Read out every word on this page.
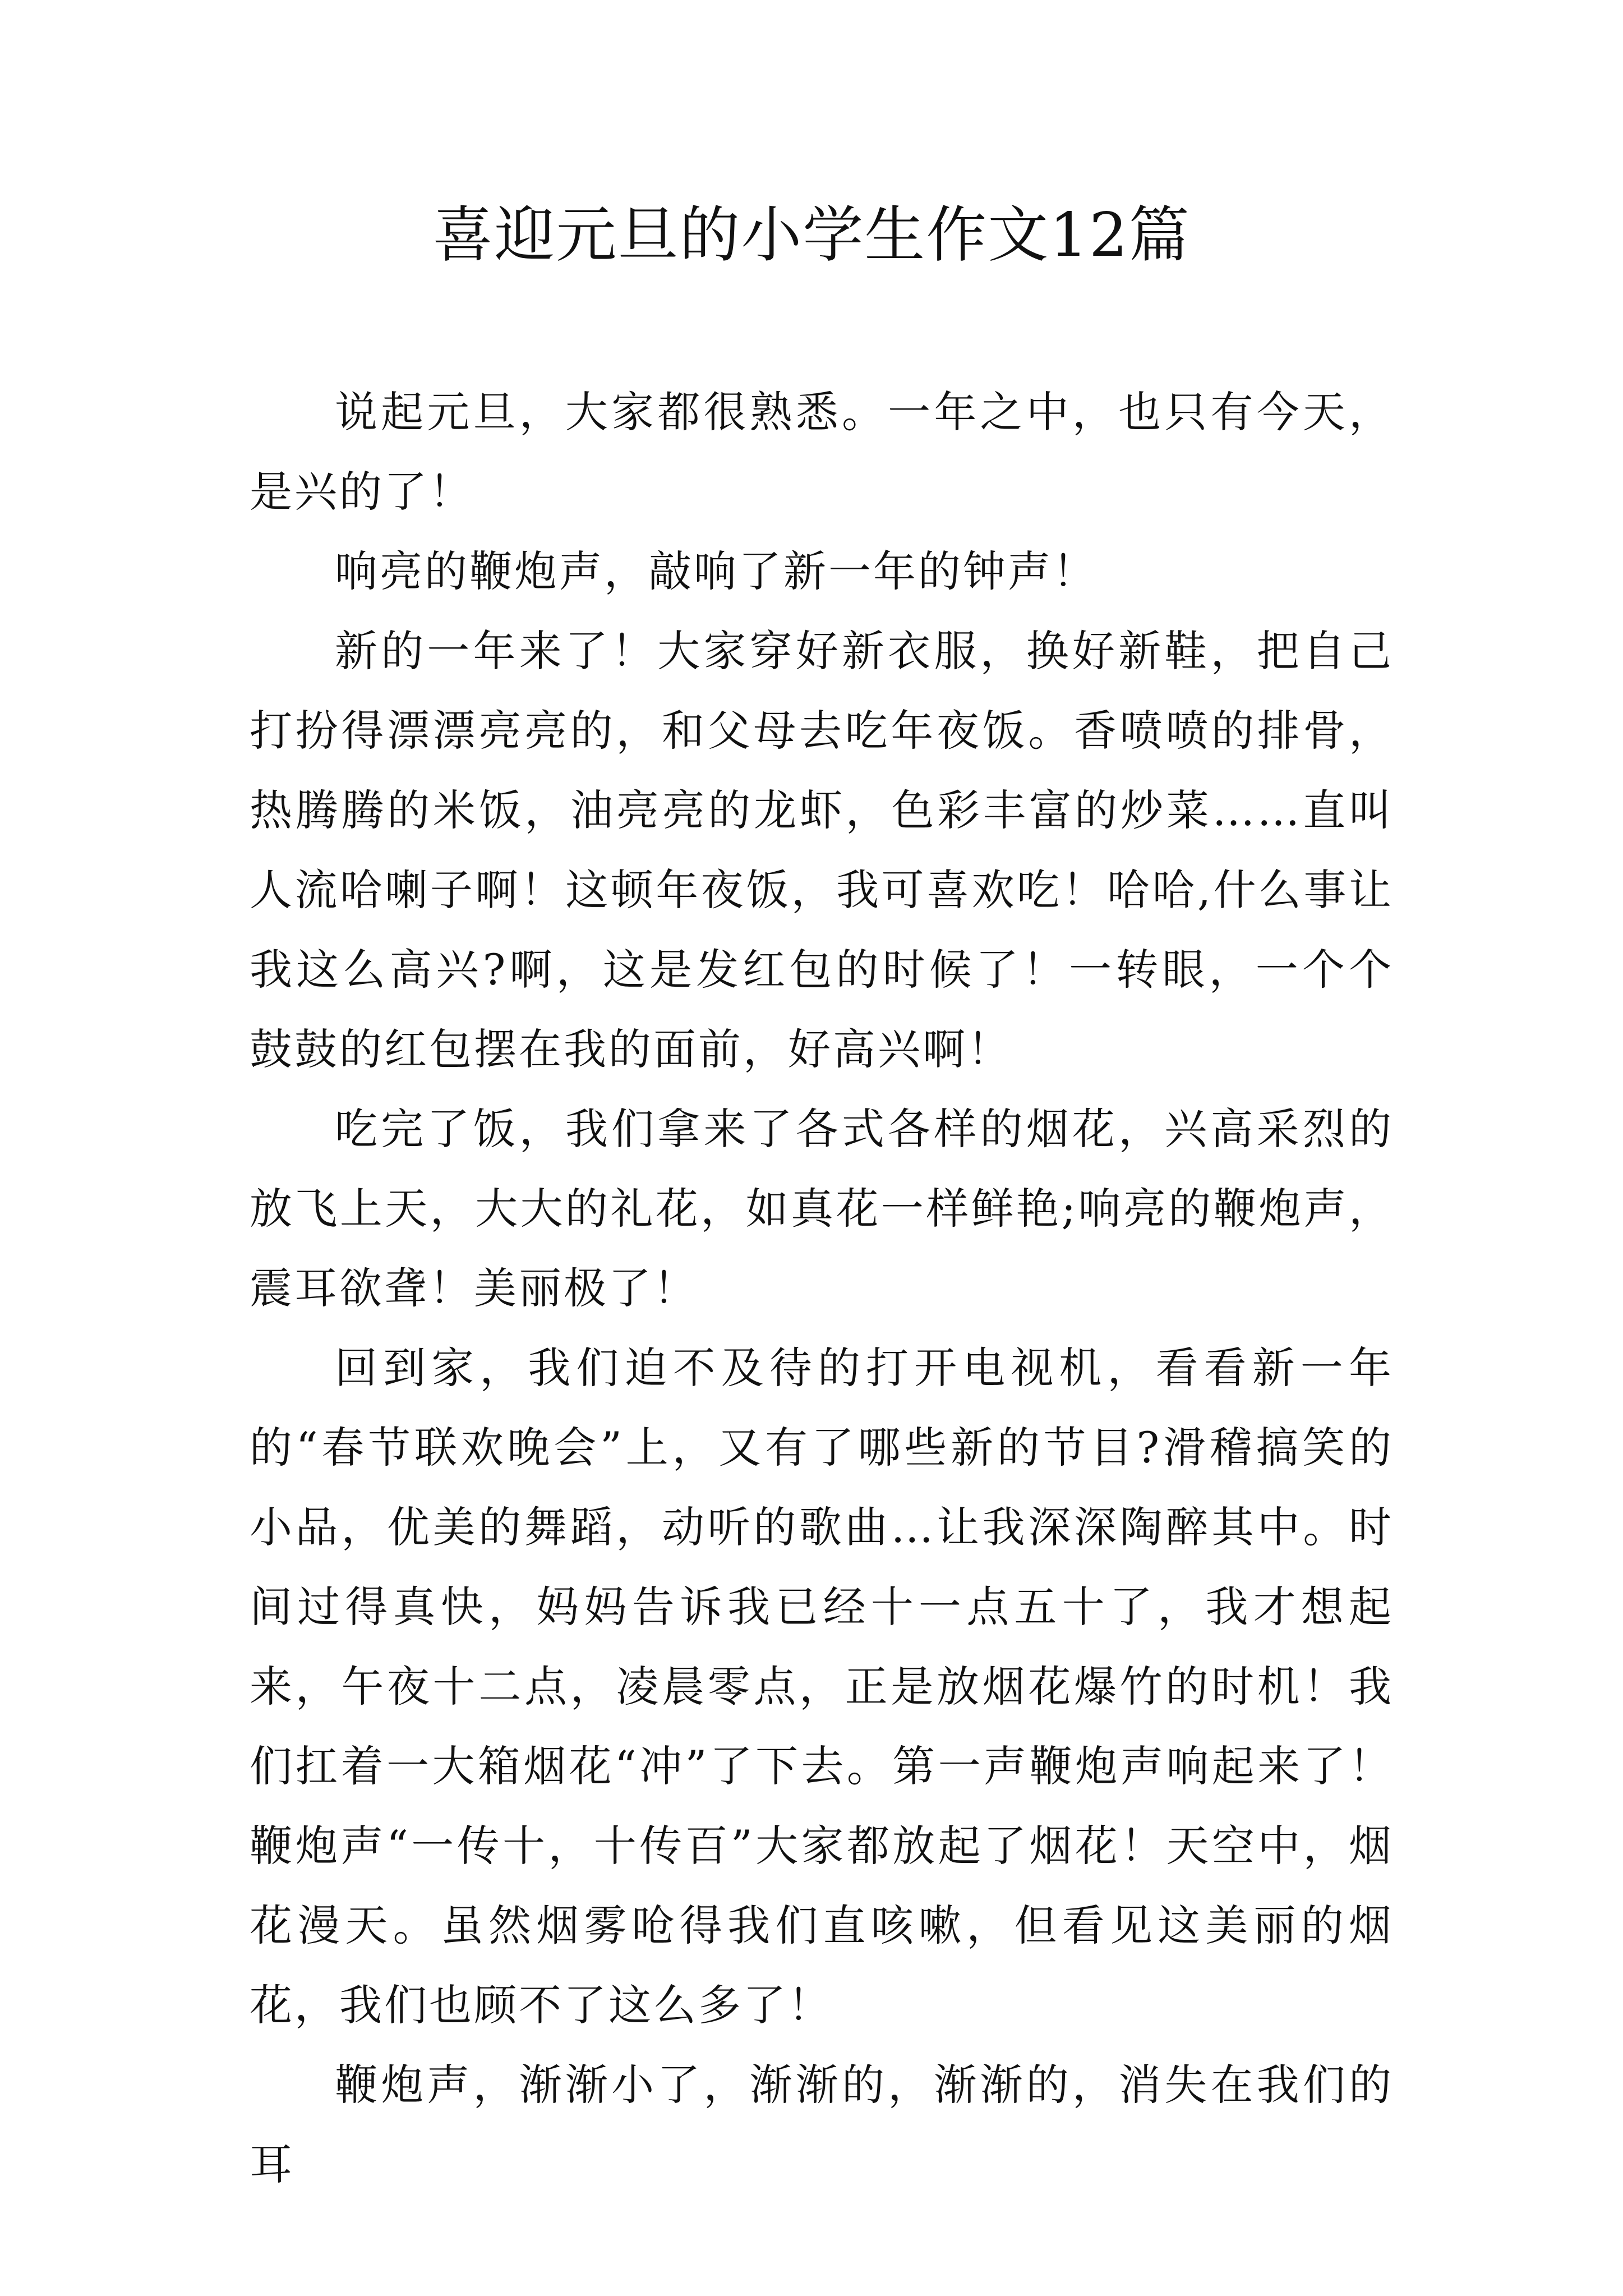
喜迎元旦的小学生作文12篇

说起元旦，大家都很熟悉。一年之中，也只有今天，是兴的了！

响亮的鞭炮声，敲响了新一年的钟声！

新的一年来了！大家穿好新衣服，换好新鞋，把自己打扮得漂漂亮亮的，和父母去吃年夜饭。香喷喷的排骨，热腾腾的米饭，油亮亮的龙虾，色彩丰富的炒菜……直叫人流哈喇子啊！这顿年夜饭，我可喜欢吃！哈哈,什么事让我这么高兴?啊，这是发红包的时候了！一转眼，一个个鼓鼓的红包摆在我的面前，好高兴啊！

吃完了饭，我们拿来了各式各样的烟花，兴高采烈的放飞上天，大大的礼花，如真花一样鲜艳;响亮的鞭炮声，震耳欲聋！美丽极了！

回到家，我们迫不及待的打开电视机，看看新一年的“春节联欢晚会”上，又有了哪些新的节目?滑稽搞笑的小品，优美的舞蹈，动听的歌曲…让我深深陶醉其中。时间过得真快，妈妈告诉我已经十一点五十了，我才想起来，午夜十二点，凌晨零点，正是放烟花爆竹的时机！我们扛着一大箱烟花“冲”了下去。第一声鞭炮声响起来了！鞭炮声“一传十，十传百”大家都放起了烟花！天空中，烟花漫天。虽然烟雾呛得我们直咳嗽，但看见这美丽的烟花，我们也顾不了这么多了！

鞭炮声，渐渐小了，渐渐的，渐渐的，消失在我们的耳
